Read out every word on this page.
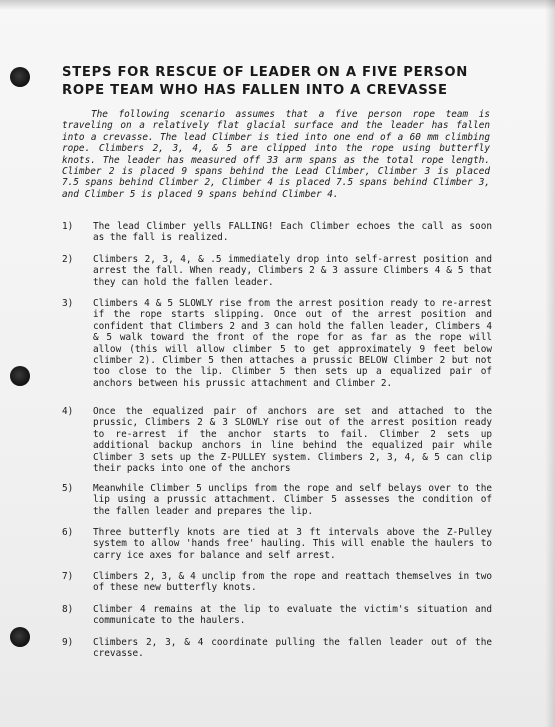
STEPS FOR RESCUE OF LEADER ON A FIVE PERSON ROPE TEAM WHO HAS FALLEN INTO A CREVASSE

The following scenario assumes that a five person rope team is traveling on a relatively flat glacial surface and the leader has fallen into a crevasse. The lead Climber is tied into one end of a 60 mm climbing rope. Climbers 2, 3, 4, & 5 are clipped into the rope using butterfly knots. The leader has measured off 33 arm spans as the total rope length. Climber 2 is placed 9 spans behind the Lead Climber, Climber 3 is placed 7.5 spans behind Climber 2, Climber 4 is placed 7.5 spans behind Climber 3, and Climber 5 is placed 9 spans behind Climber 4.

1) The lead Climber yells FALLING! Each Climber echoes the call as soon as the fall is realized.
2) Climbers 2, 3, 4, & .5 immediately drop into self-arrest position and arrest the fall. When ready, Climbers 2 & 3 assure Climbers 4 & 5 that they can hold the fallen leader.
3) Climbers 4 & 5 SLOWLY rise from the arrest position ready to re-arrest if the rope starts slipping. Once out of the arrest position and confident that Climbers 2 and 3 can hold the fallen leader, Climbers 4 & 5 walk toward the front of the rope for as far as the rope will allow (this will allow climber 5 to get approximately 9 feet below climber 2). Climber 5 then attaches a prussic BELOW Climber 2 but not too close to the lip. Climber 5 then sets up a equalized pair of anchors between his prussic attachment and Climber 2.
4) Once the equalized pair of anchors are set and attached to the prussic, Climbers 2 & 3 SLOWLY rise out of the arrest position ready to re-arrest if the anchor starts to fail. Climber 2 sets up additional backup anchors in line behind the equalized pair while Climber 3 sets up the Z-PULLEY system. Climbers 2, 3, 4, & 5 can clip their packs into one of the anchors
5) Meanwhile Climber 5 unclips from the rope and self belays over to the lip using a prussic attachment. Climber 5 assesses the condition of the fallen leader and prepares the lip.
6) Three butterfly knots are tied at 3 ft intervals above the Z-Pulley system to allow 'hands free' hauling. This will enable the haulers to carry ice axes for balance and self arrest.
7) Climbers 2, 3, & 4 unclip from the rope and reattach themselves in two of these new butterfly knots.
8) Climber 4 remains at the lip to evaluate the victim's situation and communicate to the haulers.
9) Climbers 2, 3, & 4 coordinate pulling the fallen leader out of the crevasse.
